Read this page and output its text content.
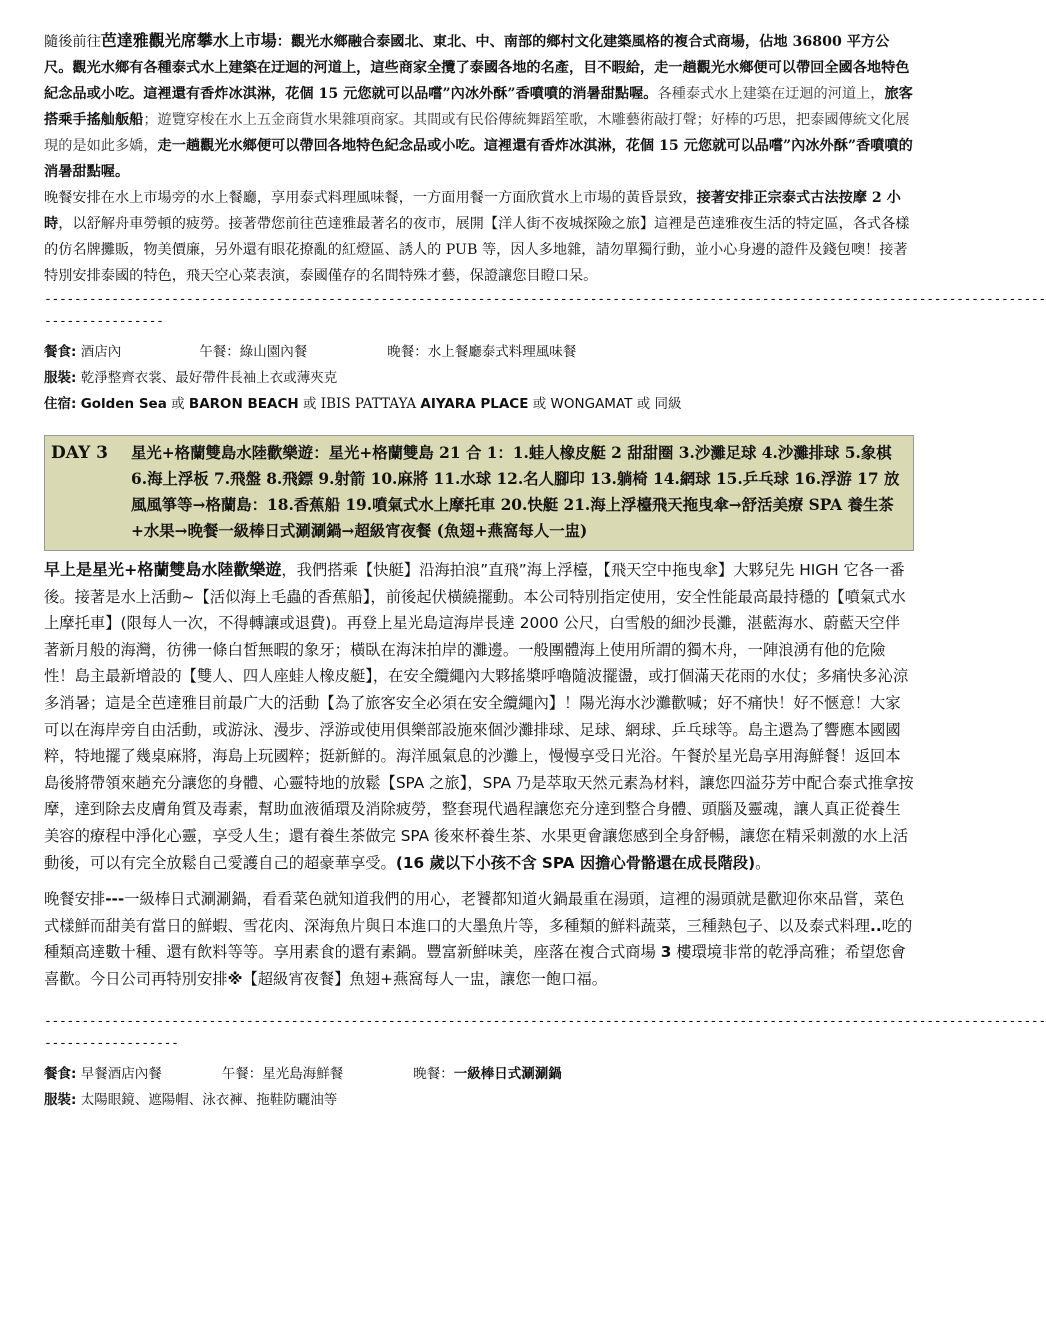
隨後前往芭達雅觀光席攀水上市場：觀光水鄉融合泰國北、東北、中、南部的鄉村文化建築風格的複合式商場，佔地 36800 平方公尺。觀光水鄉有各種泰式水上建築在迂迴的河道上，這些商家全攬了泰國各地的名產，目不暇給，走一趟觀光水鄉便可以帶回全國各地特色紀念品或小吃。這裡還有香炸冰淇淋，花個 15 元您就可以品嚐”內冰外酥”香噴噴的消暑甜點喔。各種泰式水上建築在迂迴的河道上，旅客搭乘手搖舢舨船；遊覽穿梭在水上五金商貨水果雜項商家。其間或有民俗傳統舞蹈笙歌，木雕藝術敲打聲；好棒的巧思，把泰國傳統文化展現的是如此多嬌，走一趟觀光水鄉便可以帶回各地特色紀念品或小吃。這裡還有香炸冰淇淋，花個 15 元您就可以品嚐”內冰外酥”香噴噴的消暑甜點喔。

晚餐安排在水上市場旁的水上餐廳，享用泰式料理風味餐，一方面用餐一方面欣賞水上市場的黃昏景致，接著安排正宗泰式古法按摩 2 小時，以舒解舟車勞頓的疲勞。接著帶您前往芭達雅最著名的夜市，展開【洋人街不夜城探險之旅】這裡是芭達雅夜生活的特定區，各式各樣的仿名牌攤販，物美價廉，另外還有眼花撩亂的紅燈區、誘人的 PUB 等，因人多地雜，請勿單獨行動，並小心身邊的證件及錢包噢！接著特別安排泰國的特色，飛天空心菜表演，泰國僅存的名間特殊才藝，保證讓您目瞪口呆。

--------------------------------------------------------------------------------------------------------------------------------------
----------------

餐食: 酒店內	午餐：綠山園內餐	晚餐：水上餐廳泰式料理風味餐

服裝: 乾淨整齊衣裳、最好帶件長袖上衣或薄夾克

住宿: Golden Sea 或 BARON BEACH 或 IBIS PATTAYA AIYARA PLACE 或 WONGAMAT 或 同級

DAY 3	星光+格蘭雙島水陸歡樂遊：星光+格蘭雙島 21 合 1：1.蛙人橡皮艇 2 甜甜圈 3.沙灘足球 4.沙灘排球 5.象棋 6.海上浮板 7.飛盤 8.飛鏢 9.射箭 10.麻將 11.水球 12.名人腳印 13.躺椅 14.網球 15.乒乓球 16.浮游 17 放風風箏等→格蘭島：18.香蕉船 19.噴氣式水上摩托車 20.快艇 21.海上浮檯飛天拖曳傘→舒活美療 SPA 養生茶+水果→晚餐一級棒日式涮涮鍋→超級宵夜餐 (魚翅+燕窩每人一盅)

早上是星光+格蘭雙島水陸歡樂遊，我們搭乘【快艇】沿海拍浪”直飛”海上浮檯，【飛天空中拖曳傘】大夥兒先 HIGH 它各一番後。接著是水上活動~【活似海上毛蟲的香蕉船】，前後起伏橫繞擺動。本公司特別指定使用，安全性能最高最持穩的【噴氣式水上摩托車】(限每人一次，不得轉讓或退費)。再登上星光島這海岸長達 2000 公尺，白雪般的細沙長灘，湛藍海水、蔚藍天空伴著新月般的海灣，彷彿一條白皙無暇的象牙；橫臥在海沫拍岸的灘邊。一般團體海上使用所謂的獨木舟，一陣浪湧有他的危險性！島主最新增設的【雙人、四人座蛙人橡皮艇】，在安全纜繩內大夥搖槳呼嚕隨波擺盪，或打個滿天花雨的水仗；多痛快多沁涼多消暑；這是全芭達雅目前最广大的活動【為了旅客安全必須在安全纜繩內】！陽光海水沙灘歡喊；好不痛快！好不愜意！大家可以在海岸旁自由活動，或游泳、漫步、浮游或使用俱樂部設施來個沙灘排球、足球、網球、乒乓球等。島主還為了響應本國國粹，特地擺了幾桌麻將，海島上玩國粹；挺新鮮的。海洋風氣息的沙灘上，慢慢享受日光浴。午餐於星光島享用海鮮餐！返回本島後將帶領來趟充分讓您的身體、心靈特地的放鬆【SPA 之旅】，SPA 乃是萃取天然元素為材料，讓您四溢芬芳中配合泰式推拿按摩，達到除去皮膚角質及毒素，幫助血液循環及消除疲勞，整套現代過程讓您充分達到整合身體、頭腦及靈魂，讓人真正從養生美容的療程中淨化心靈，享受人生；還有養生茶做完 SPA 後來杯養生茶、水果更會讓您感到全身舒暢，讓您在精采刺激的水上活動後，可以有完全放鬆自己愛護自己的超豪華享受。(16 歲以下小孩不含 SPA 因擔心骨骼還在成長階段)。

晚餐安排---一級棒日式涮涮鍋，看看菜色就知道我們的用心，老饕都知道火鍋最重在湯頭，這裡的湯頭就是歡迎你來品嘗，菜色式樣鮮而甜美有當日的鮮蝦、雪花肉、深海魚片與日本進口的大墨魚片等，多種類的鮮料蔬菜，三種熱包子、以及泰式料理..吃的種類高達數十種、還有飲料等等。享用素食的還有素鍋。豐富新鮮味美，座落在複合式商場 3 樓環境非常的乾淨高雅；希望您會喜歡。今日公司再特別安排※【超級宵夜餐】魚翅+燕窩每人一盅，讓您一飽口福。

--------------------------------------------------------------------------------------------------------------------------------------
------------------

餐食: 早餐酒店內餐	午餐：星光島海鮮餐	晚餐：一級棒日式涮涮鍋

服裝: 太陽眼鏡、遮陽帽、泳衣褲、拖鞋防曬油等
